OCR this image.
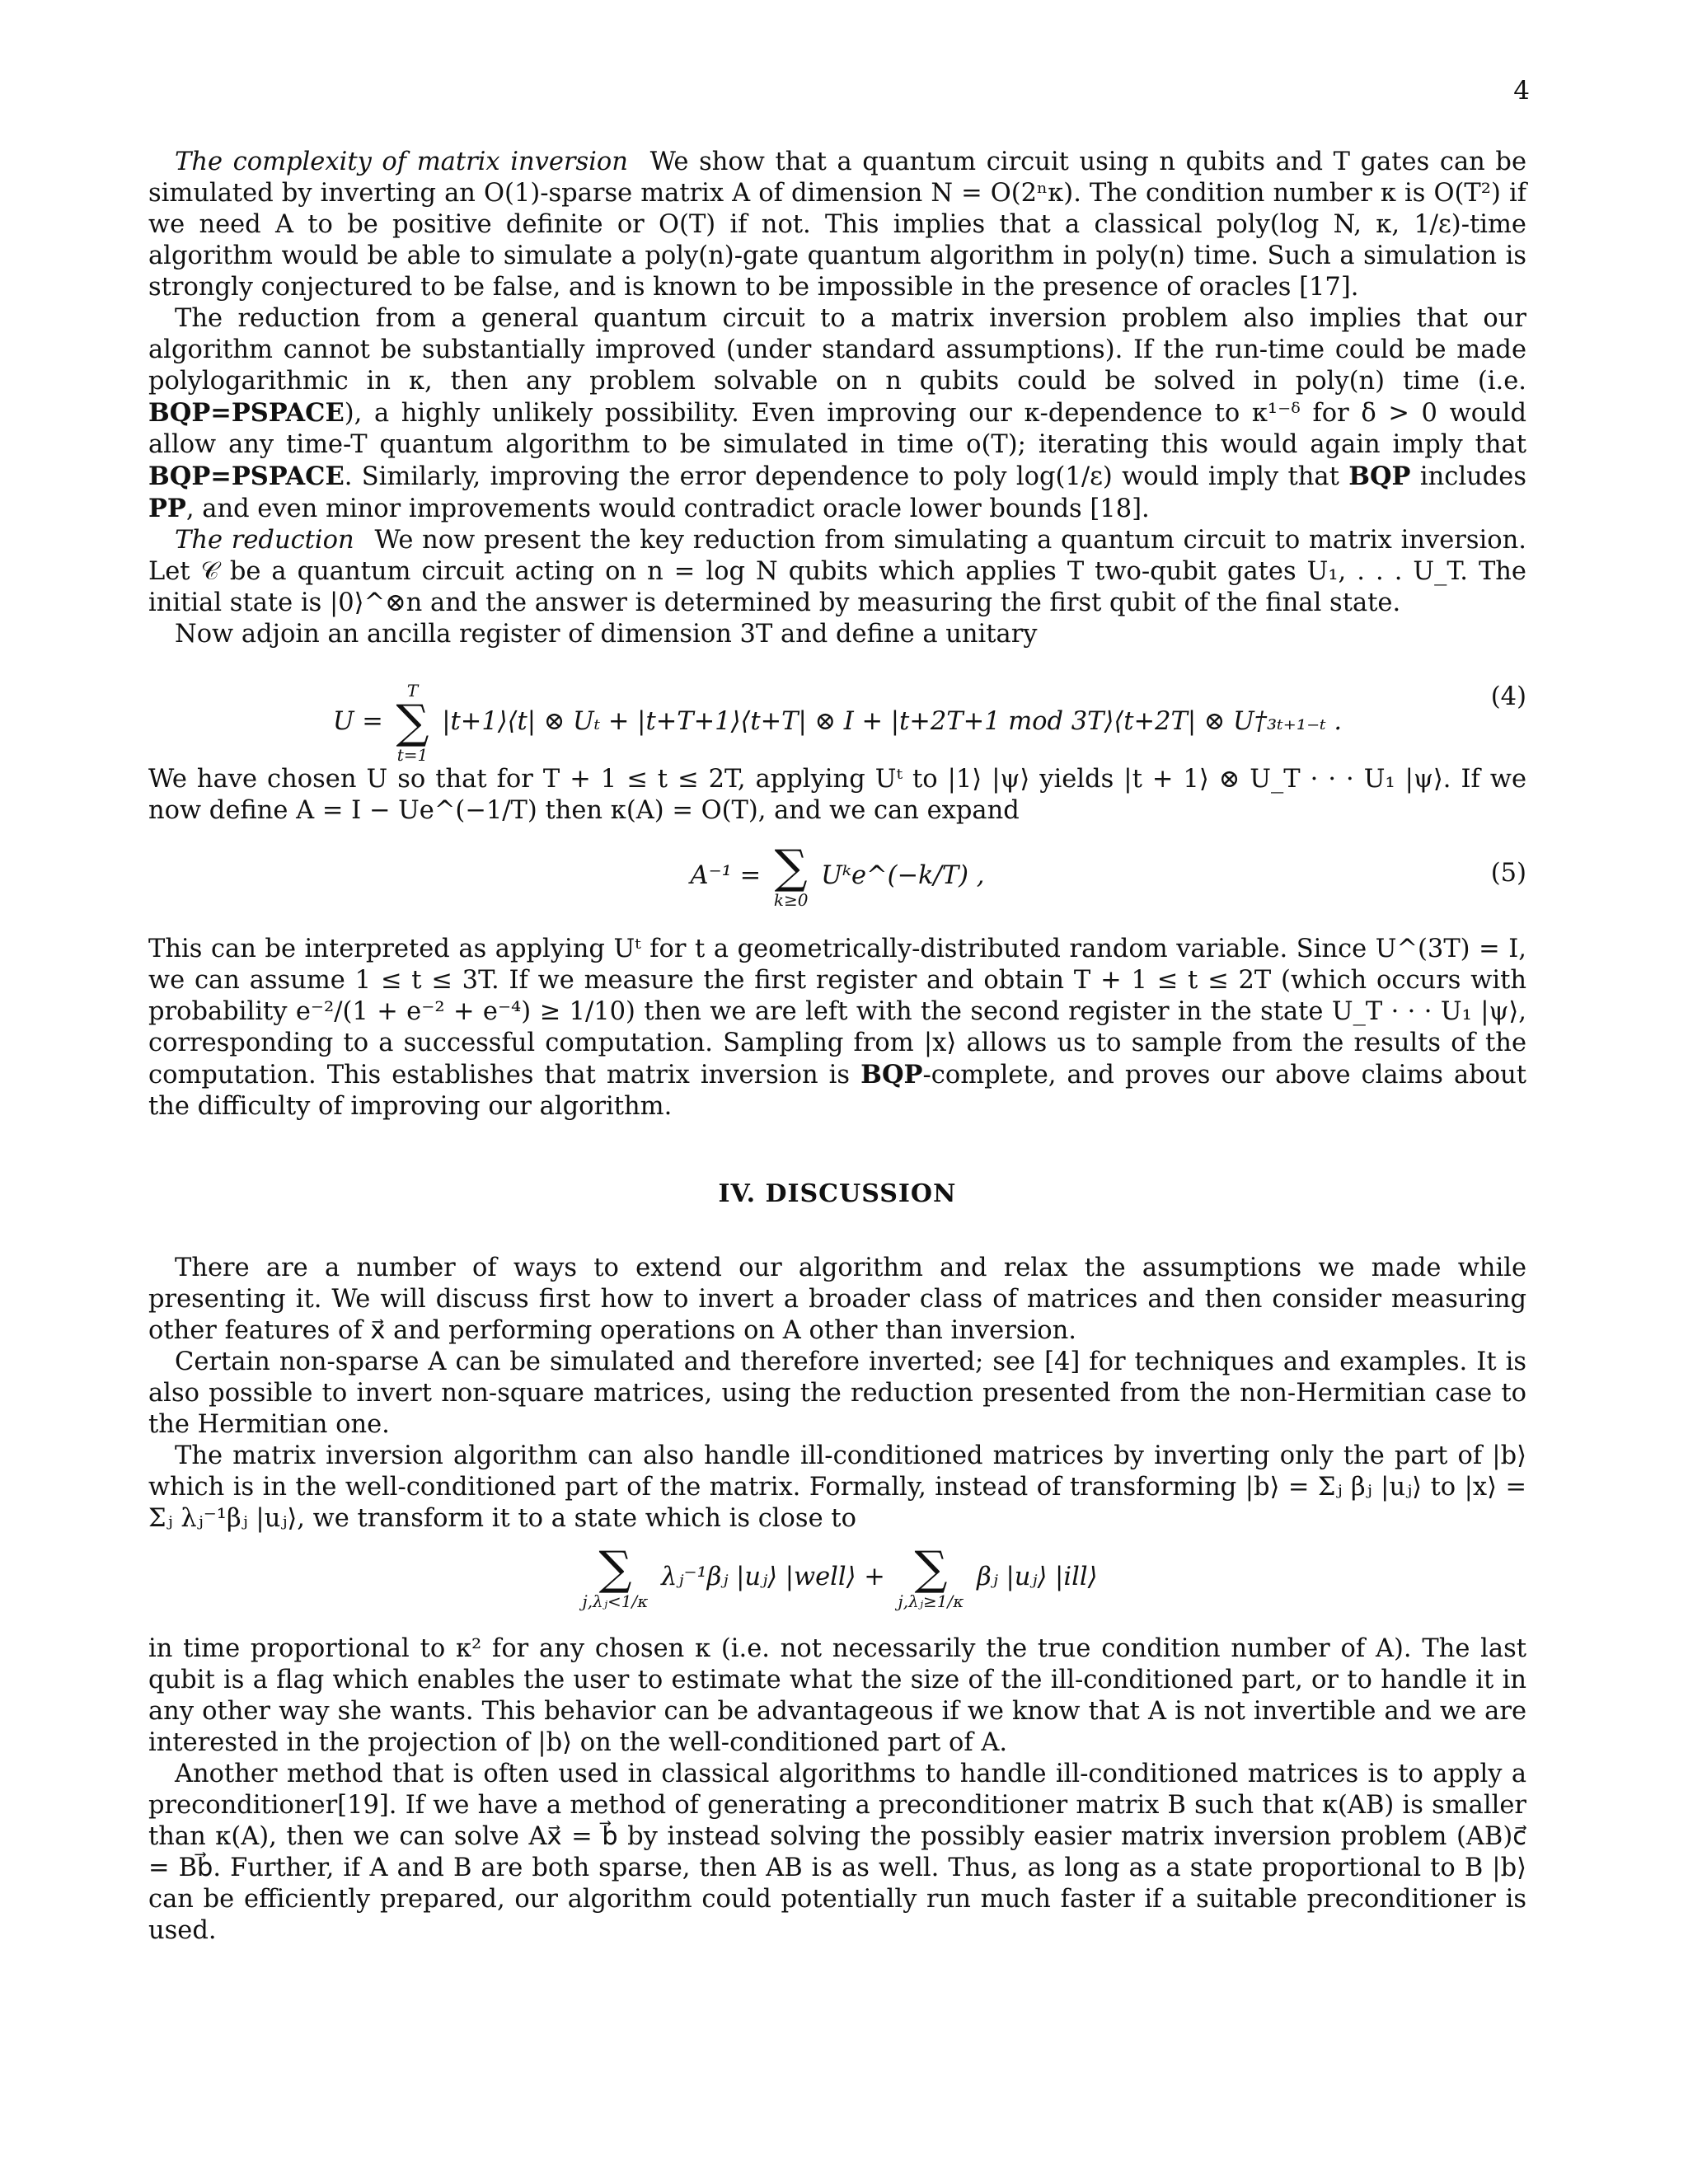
4

The complexity of matrix inversion We show that a quantum circuit using n qubits and T gates can be simulated by inverting an O(1)-sparse matrix A of dimension N = O(2ⁿκ). The condition number κ is O(T²) if we need A to be positive definite or O(T) if not. This implies that a classical poly(log N, κ, 1/ε)-time algorithm would be able to simulate a poly(n)-gate quantum algorithm in poly(n) time. Such a simulation is strongly conjectured to be false, and is known to be impossible in the presence of oracles [17].

The reduction from a general quantum circuit to a matrix inversion problem also implies that our algorithm cannot be substantially improved (under standard assumptions). If the run-time could be made polylogarithmic in κ, then any problem solvable on n qubits could be solved in poly(n) time (i.e. BQP=PSPACE), a highly unlikely possibility. Even improving our κ-dependence to κ¹⁻ᵟ for δ > 0 would allow any time-T quantum algorithm to be simulated in time o(T); iterating this would again imply that BQP=PSPACE. Similarly, improving the error dependence to poly log(1/ε) would imply that BQP includes PP, and even minor improvements would contradict oracle lower bounds [18].

The reduction We now present the key reduction from simulating a quantum circuit to matrix inversion. Let 𝒞 be a quantum circuit acting on n = log N qubits which applies T two-qubit gates U₁, . . . U_T. The initial state is |0⟩^⊗n and the answer is determined by measuring the first qubit of the final state.

Now adjoin an ancilla register of dimension 3T and define a unitary

U =
T
∑
t=1
|t+1⟩⟨t| ⊗ Uₜ + |t+T+1⟩⟨t+T| ⊗ I + |t+2T+1 mod 3T⟩⟨t+2T| ⊗ U†₃ₜ₊₁₋ₜ .
(4)

We have chosen U so that for T + 1 ≤ t ≤ 2T, applying Uᵗ to |1⟩ |ψ⟩ yields |t + 1⟩ ⊗ U_T · · · U₁ |ψ⟩. If we now define A = I − Ue^(−1/T) then κ(A) = O(T), and we can expand

A⁻¹ = ∑
k≥0
Uᵏe^(−k/T) ,	(5)

This can be interpreted as applying Uᵗ for t a geometrically-distributed random variable. Since U^(3T) = I, we can assume 1 ≤ t ≤ 3T. If we measure the first register and obtain T + 1 ≤ t ≤ 2T (which occurs with probability e⁻²/(1 + e⁻² + e⁻⁴) ≥ 1/10) then we are left with the second register in the state U_T · · · U₁ |ψ⟩, corresponding to a successful computation. Sampling from |x⟩ allows us to sample from the results of the computation. This establishes that matrix inversion is BQP-complete, and proves our above claims about the difficulty of improving our algorithm.

IV. DISCUSSION

There are a number of ways to extend our algorithm and relax the assumptions we made while presenting it. We will discuss first how to invert a broader class of matrices and then consider measuring other features of x⃗ and performing operations on A other than inversion.

Certain non-sparse A can be simulated and therefore inverted; see [4] for techniques and examples. It is also possible to invert non-square matrices, using the reduction presented from the non-Hermitian case to the Hermitian one.

The matrix inversion algorithm can also handle ill-conditioned matrices by inverting only the part of |b⟩ which is in the well-conditioned part of the matrix. Formally, instead of transforming |b⟩ = Σⱼ βⱼ |uⱼ⟩ to |x⟩ = Σⱼ λⱼ⁻¹βⱼ |uⱼ⟩, we transform it to a state which is close to

∑
j,λⱼ<1/κ
λⱼ⁻¹βⱼ |uⱼ⟩ |well⟩ + ∑
j,λⱼ≥1/κ
βⱼ |uⱼ⟩ |ill⟩

in time proportional to κ² for any chosen κ (i.e. not necessarily the true condition number of A). The last qubit is a flag which enables the user to estimate what the size of the ill-conditioned part, or to handle it in any other way she wants. This behavior can be advantageous if we know that A is not invertible and we are interested in the projection of |b⟩ on the well-conditioned part of A.

Another method that is often used in classical algorithms to handle ill-conditioned matrices is to apply a preconditioner[19]. If we have a method of generating a preconditioner matrix B such that κ(AB) is smaller than κ(A), then we can solve Ax⃗ = b⃗ by instead solving the possibly easier matrix inversion problem (AB)c⃗ = Bb⃗. Further, if A and B are both sparse, then AB is as well. Thus, as long as a state proportional to B |b⟩ can be efficiently prepared, our algorithm could potentially run much faster if a suitable preconditioner is used.
